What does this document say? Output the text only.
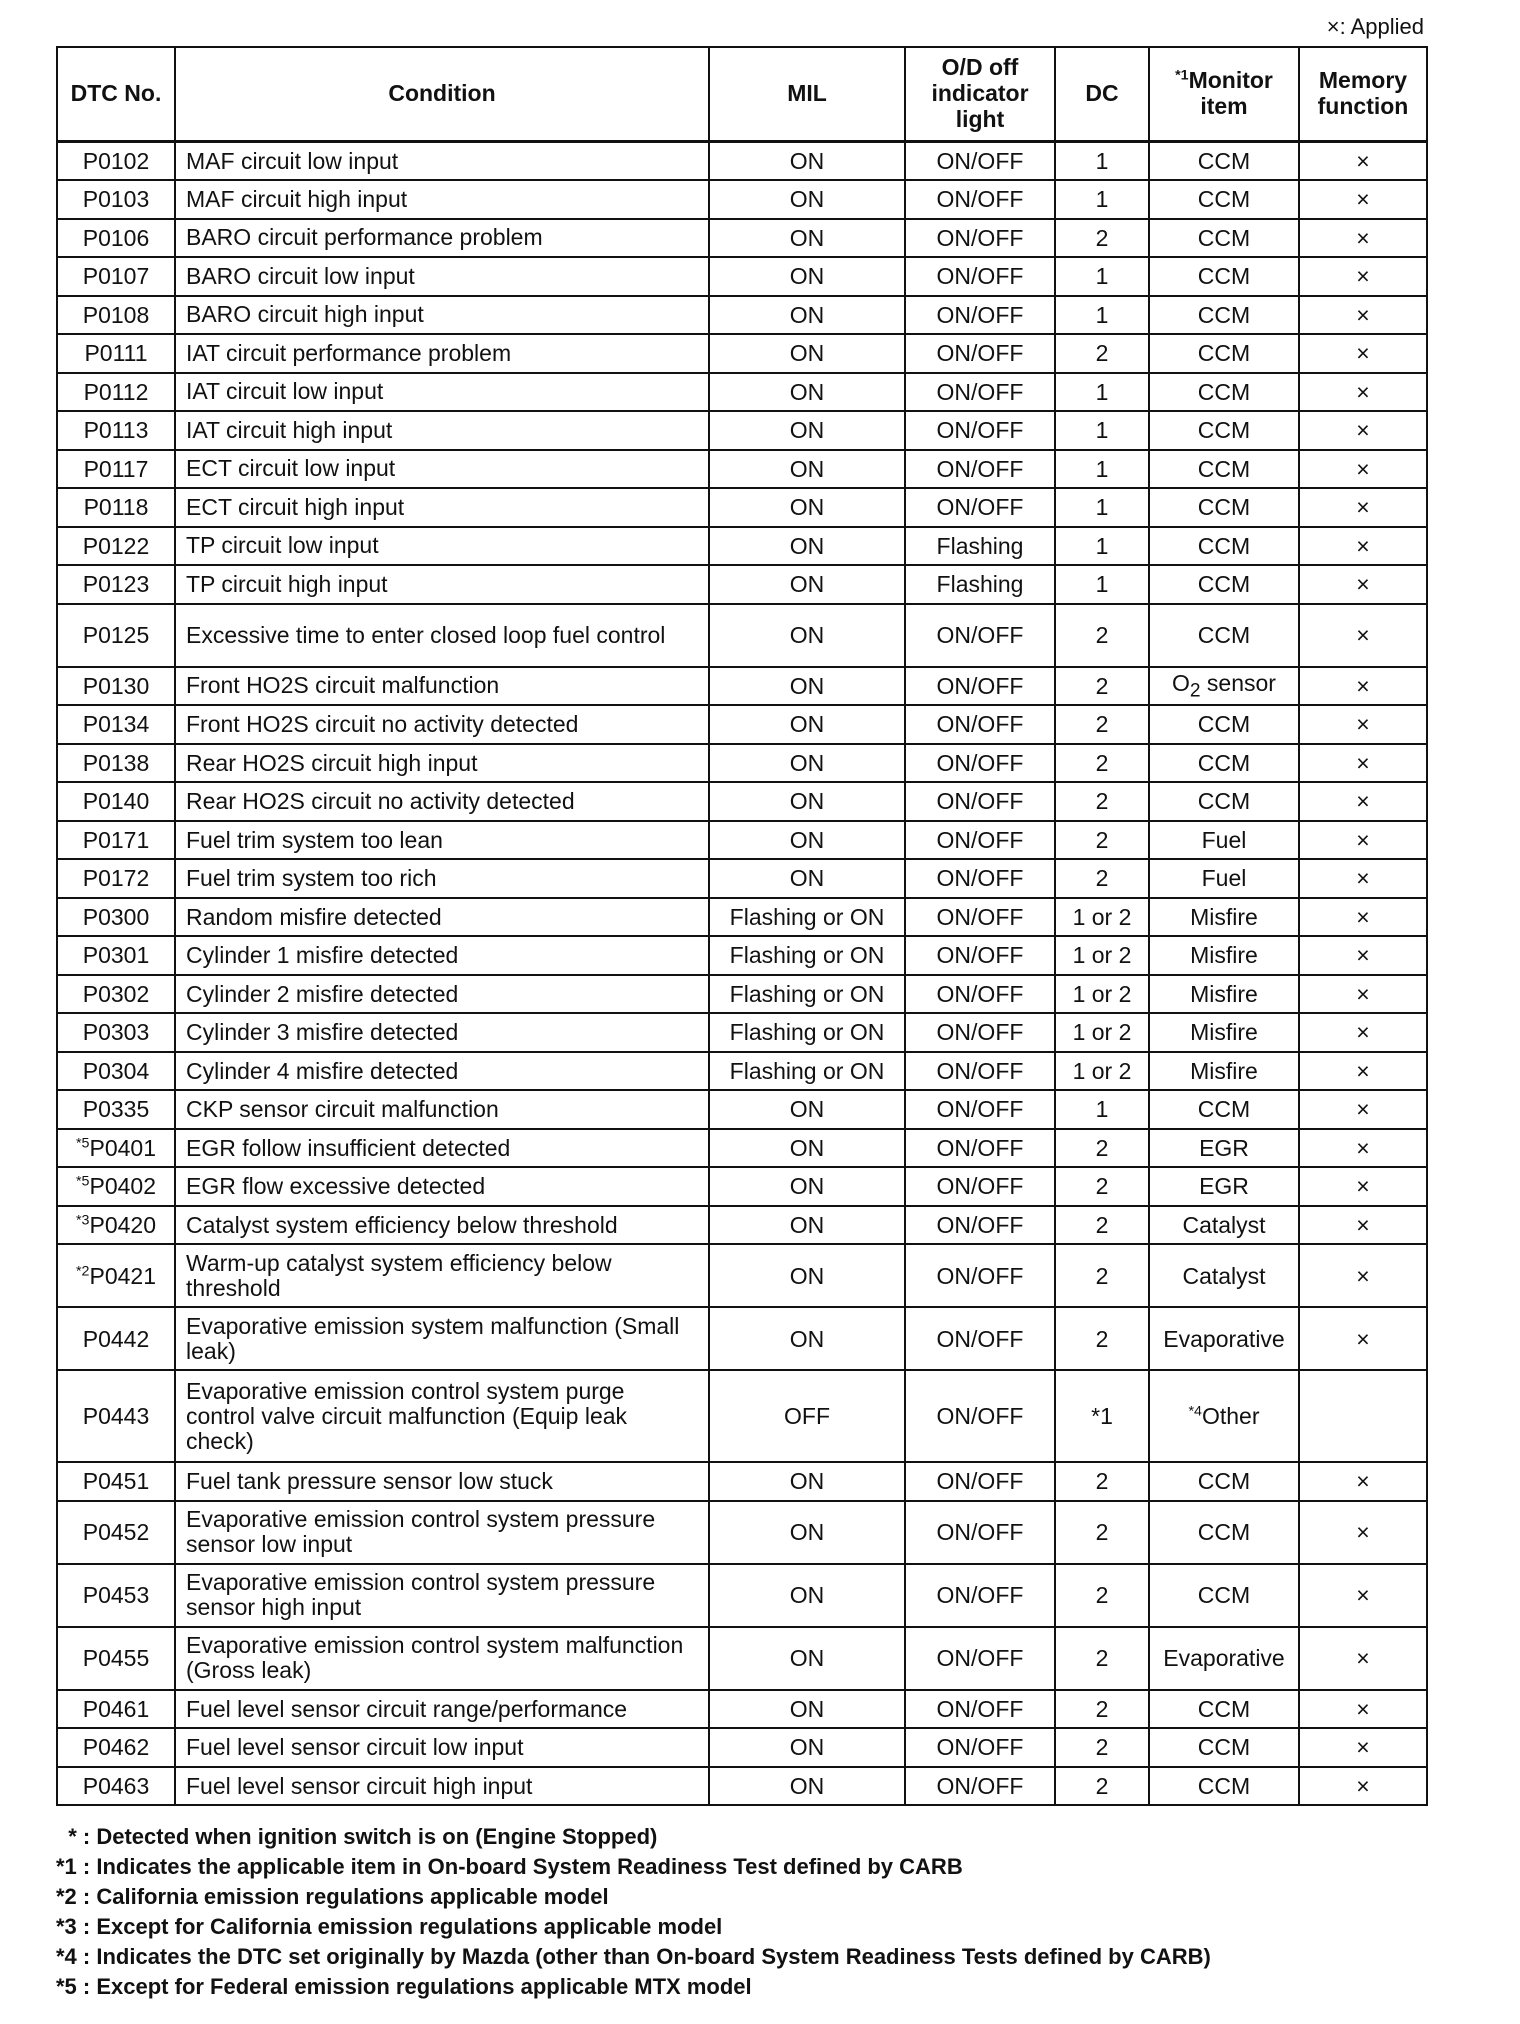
×: Applied
DTC No.	Condition	MIL	O/D off indicator light	DC	$^{*1}$Monitor item	Memory function
P0102	MAF circuit low input	ON	ON/OFF	1	CCM	×
P0103	MAF circuit high input	ON	ON/OFF	1	CCM	×
P0106	BARO circuit performance problem	ON	ON/OFF	2	CCM	×
P0107	BARO circuit low input	ON	ON/OFF	1	CCM	×
P0108	BARO circuit high input	ON	ON/OFF	1	CCM	×
P0111	IAT circuit performance problem	ON	ON/OFF	2	CCM	×
P0112	IAT circuit low input	ON	ON/OFF	1	CCM	×
P0113	IAT circuit high input	ON	ON/OFF	1	CCM	×
P0117	ECT circuit low input	ON	ON/OFF	1	CCM	×
P0118	ECT circuit high input	ON	ON/OFF	1	CCM	×
P0122	TP circuit low input	ON	Flashing	1	CCM	×
P0123	TP circuit high input	ON	Flashing	1	CCM	×
P0125	Excessive time to enter closed loop fuel control	ON	ON/OFF	2	CCM	×
P0130	Front HO2S circuit malfunction	ON	ON/OFF	2	$O_2$ sensor	×
P0134	Front HO2S circuit no activity detected	ON	ON/OFF	2	CCM	×
P0138	Rear HO2S circuit high input	ON	ON/OFF	2	CCM	×
P0140	Rear HO2S circuit no activity detected	ON	ON/OFF	2	CCM	×
P0171	Fuel trim system too lean	ON	ON/OFF	2	Fuel	×
P0172	Fuel trim system too rich	ON	ON/OFF	2	Fuel	×
P0300	Random misfire detected	Flashing or ON	ON/OFF	1 or 2	Misfire	×
P0301	Cylinder 1 misfire detected	Flashing or ON	ON/OFF	1 or 2	Misfire	×
P0302	Cylinder 2 misfire detected	Flashing or ON	ON/OFF	1 or 2	Misfire	×
P0303	Cylinder 3 misfire detected	Flashing or ON	ON/OFF	1 or 2	Misfire	×
P0304	Cylinder 4 misfire detected	Flashing or ON	ON/OFF	1 or 2	Misfire	×
P0335	CKP sensor circuit malfunction	ON	ON/OFF	1	CCM	×
$^{*5}$P0401	EGR follow insufficient detected	ON	ON/OFF	2	EGR	×
$^{*5}$P0402	EGR flow excessive detected	ON	ON/OFF	2	EGR	×
$^{*3}$P0420	Catalyst system efficiency below threshold	ON	ON/OFF	2	Catalyst	×
$^{*2}$P0421	Warm-up catalyst system efficiency below threshold	ON	ON/OFF	2	Catalyst	×
P0442	Evaporative emission system malfunction (Small leak)	ON	ON/OFF	2	Evaporative	×
P0443	Evaporative emission control system purge control valve circuit malfunction (Equip leak check)	OFF	ON/OFF	*1	$^{*4}$Other	
P0451	Fuel tank pressure sensor low stuck	ON	ON/OFF	2	CCM	×
P0452	Evaporative emission control system pressure sensor low input	ON	ON/OFF	2	CCM	×
P0453	Evaporative emission control system pressure sensor high input	ON	ON/OFF	2	CCM	×
P0455	Evaporative emission control system malfunction (Gross leak)	ON	ON/OFF	2	Evaporative	×
P0461	Fuel level sensor circuit range/performance	ON	ON/OFF	2	CCM	×
P0462	Fuel level sensor circuit low input	ON	ON/OFF	2	CCM	×
P0463	Fuel level sensor circuit high input	ON	ON/OFF	2	CCM	×
* : Detected when ignition switch is on (Engine Stopped)
*1 : Indicates the applicable item in On-board System Readiness Test defined by CARB
*2 : California emission regulations applicable model
*3 : Except for California emission regulations applicable model
*4 : Indicates the DTC set originally by Mazda (other than On-board System Readiness Tests defined by CARB)
*5 : Except for Federal emission regulations applicable MTX model
